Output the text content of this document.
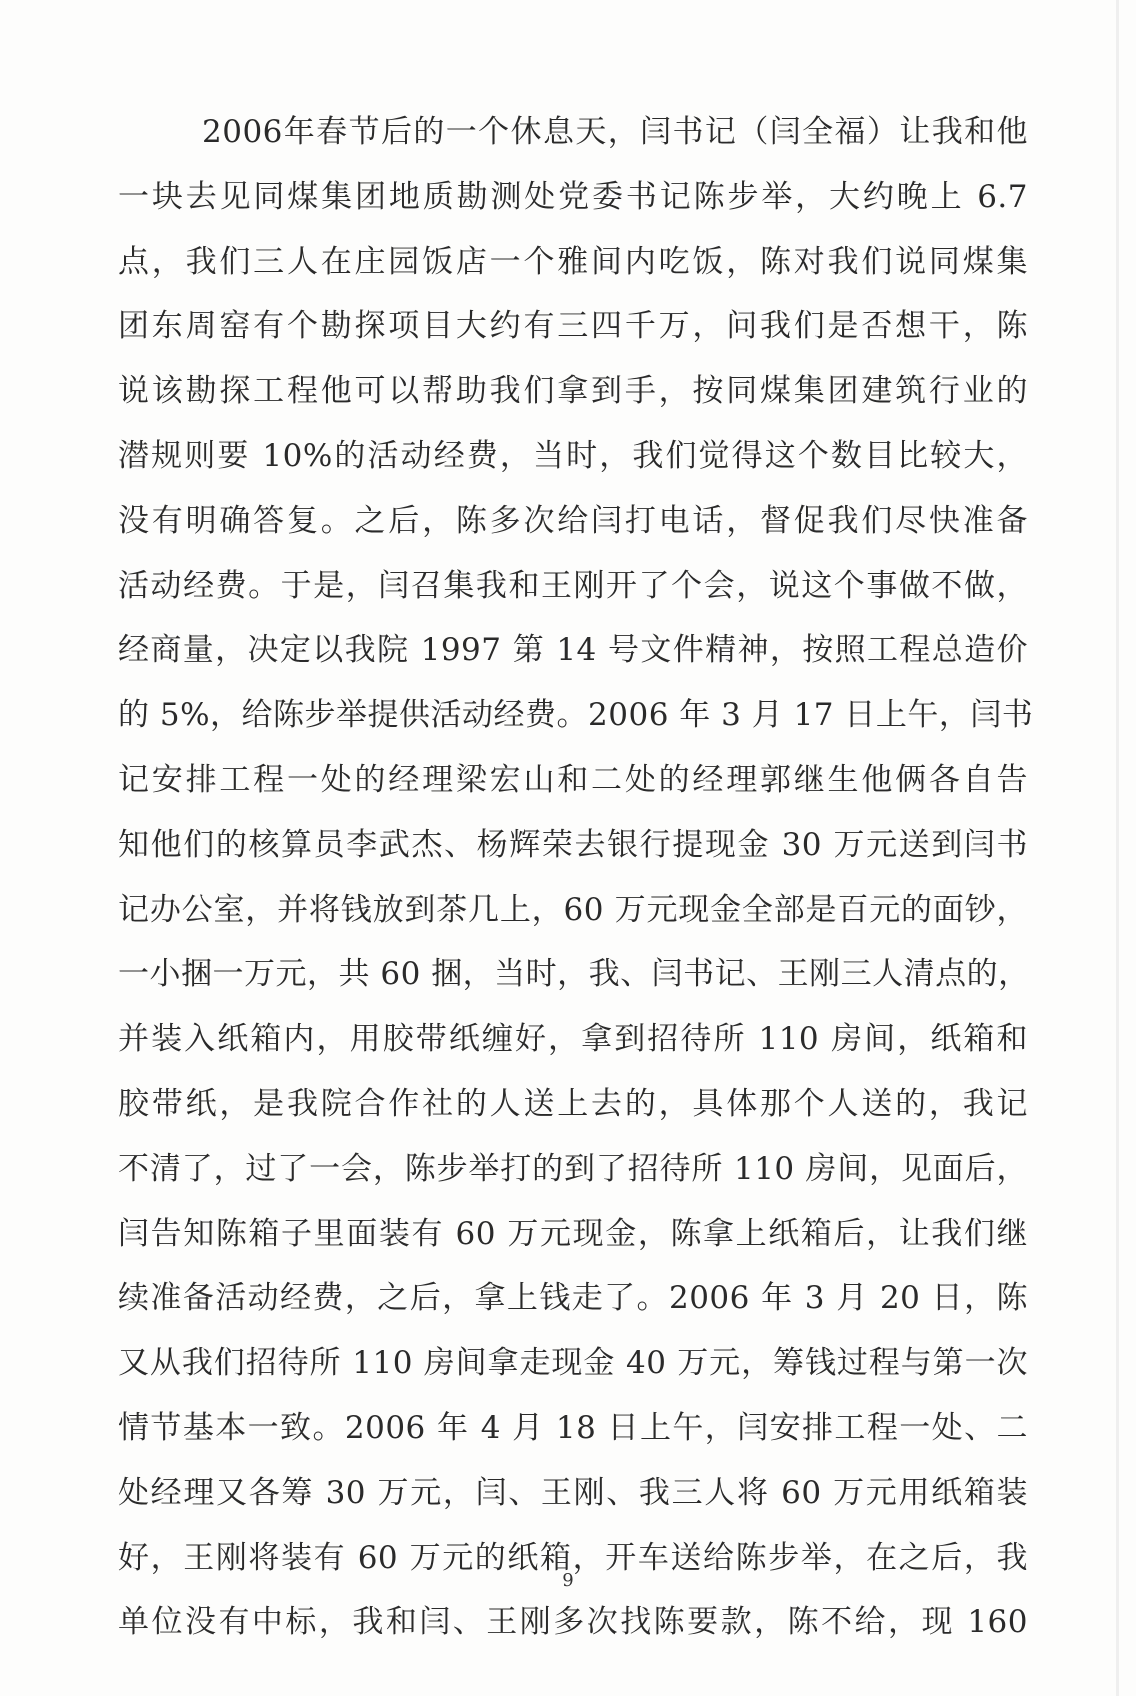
2006年春节后的一个休息天，闫书记（闫全福）让我和他
一块去见同煤集团地质勘测处党委书记陈步举，大约晚上 6.7
点，我们三人在庄园饭店一个雅间内吃饭，陈对我们说同煤集
团东周窑有个勘探项目大约有三四千万，问我们是否想干，陈
说该勘探工程他可以帮助我们拿到手，按同煤集团建筑行业的
潜规则要 10%的活动经费，当时，我们觉得这个数目比较大，
没有明确答复。之后，陈多次给闫打电话，督促我们尽快准备
活动经费。于是，闫召集我和王刚开了个会，说这个事做不做，
经商量，决定以我院 1997 第 14 号文件精神，按照工程总造价
的 5%，给陈步举提供活动经费。2006 年 3 月 17 日上午，闫书
记安排工程一处的经理梁宏山和二处的经理郭继生他俩各自告
知他们的核算员李武杰、杨辉荣去银行提现金 30 万元送到闫书
记办公室，并将钱放到茶几上，60 万元现金全部是百元的面钞，
一小捆一万元，共 60 捆，当时，我、闫书记、王刚三人清点的，
并装入纸箱内，用胶带纸缠好，拿到招待所 110 房间，纸箱和
胶带纸，是我院合作社的人送上去的，具体那个人送的，我记
不清了，过了一会，陈步举打的到了招待所 110 房间，见面后，
闫告知陈箱子里面装有 60 万元现金，陈拿上纸箱后，让我们继
续准备活动经费，之后，拿上钱走了。2006 年 3 月 20 日，陈
又从我们招待所 110 房间拿走现金 40 万元，筹钱过程与第一次
情节基本一致。2006 年 4 月 18 日上午，闫安排工程一处、二
处经理又各筹 30 万元，闫、王刚、我三人将 60 万元用纸箱装
好，王刚将装有 60 万元的纸箱，开车送给陈步举，在之后，我
单位没有中标，我和闫、王刚多次找陈要款，陈不给，现 160
9
